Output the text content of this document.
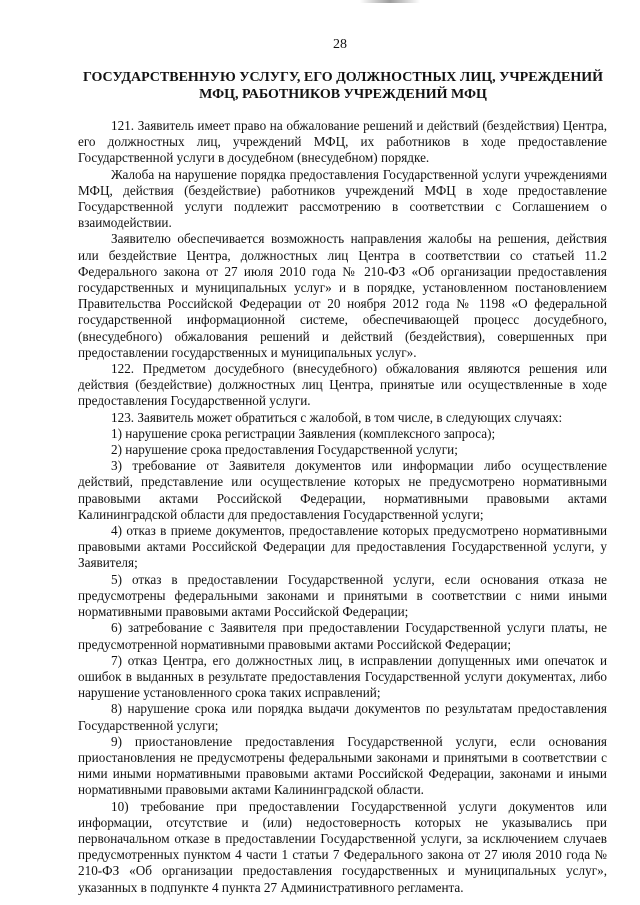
28
ГОСУДАРСТВЕННУЮ УСЛУГУ, ЕГО ДОЛЖНОСТНЫХ ЛИЦ, УЧРЕЖДЕНИЙ
МФЦ, РАБОТНИКОВ УЧРЕЖДЕНИЙ МФЦ

121. Заявитель имеет право на обжалование решений и действий (бездействия) Центра, его должностных лиц, учреждений МФЦ, их работников в ходе предоставление Государственной услуги в досудебном (внесудебном) порядке.

Жалоба на нарушение порядка предоставления Государственной услуги учреждениями МФЦ, действия (бездействие) работников учреждений МФЦ в ходе предоставление Государственной услуги подлежит рассмотрению в соответствии с Соглашением о взаимодействии.

Заявителю обеспечивается возможность направления жалобы на решения, действия или бездействие Центра, должностных лиц Центра в соответствии со статьей 11.2 Федерального закона от 27 июля 2010 года № 210-ФЗ «Об организации предоставления государственных и муниципальных услуг» и в порядке, установленном постановлением Правительства Российской Федерации от 20 ноября 2012 года № 1198 «О федеральной государственной информационной системе, обеспечивающей процесс досудебного, (внесудебного) обжалования решений и действий (бездействия), совершенных при предоставлении государственных и муниципальных услуг».

122. Предметом досудебного (внесудебного) обжалования являются решения или действия (бездействие) должностных лиц Центра, принятые или осуществленные в ходе предоставления Государственной услуги.

123. Заявитель может обратиться с жалобой, в том числе, в следующих случаях:

1) нарушение срока регистрации Заявления (комплексного запроса);

2) нарушение срока предоставления Государственной услуги;

3) требование от Заявителя документов или информации либо осуществление действий, представление или осуществление которых не предусмотрено нормативными правовыми актами Российской Федерации, нормативными правовыми актами Калининградской области для предоставления Государственной услуги;

4) отказ в приеме документов, предоставление которых предусмотрено нормативными правовыми актами Российской Федерации для предоставления Государственной услуги, у Заявителя;

5) отказ в предоставлении Государственной услуги, если основания отказа не предусмотрены федеральными законами и принятыми в соответствии с ними иными нормативными правовыми актами Российской Федерации;

6) затребование с Заявителя при предоставлении Государственной услуги платы, не предусмотренной нормативными правовыми актами Российской Федерации;

7) отказ Центра, его должностных лиц, в исправлении допущенных ими опечаток и ошибок в выданных в результате предоставления Государственной услуги документах, либо нарушение установленного срока таких исправлений;

8) нарушение срока или порядка выдачи документов по результатам предоставления Государственной услуги;

9) приостановление предоставления Государственной услуги, если основания приостановления не предусмотрены федеральными законами и принятыми в соответствии с ними иными нормативными правовыми актами Российской Федерации, законами и иными нормативными правовыми актами Калининградской области.

10) требование при предоставлении Государственной услуги документов или информации, отсутствие и (или) недостоверность которых не указывались при первоначальном отказе в предоставлении Государственной услуги, за исключением случаев предусмотренных пунктом 4 части 1 статьи 7 Федерального закона от 27 июля 2010 года № 210-ФЗ «Об организации предоставления государственных и муниципальных услуг», указанных в подпункте 4 пункта 27 Административного регламента.
